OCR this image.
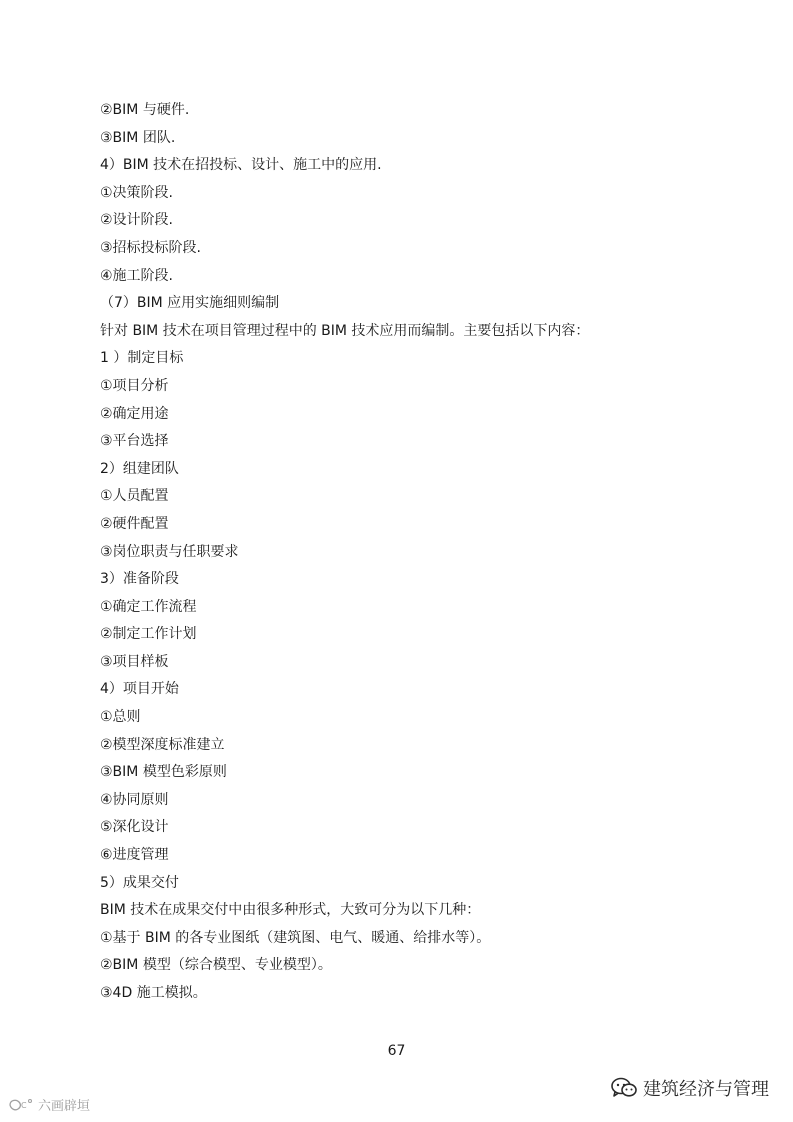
②BIM 与硬件.
③BIM 团队.
4）BIM 技术在招投标、设计、施工中的应用.
①决策阶段.
②设计阶段.
③招标投标阶段.
④施工阶段.
（7）BIM 应用实施细则编制
针对 BIM 技术在项目管理过程中的 BIM 技术应用而编制。主要包括以下内容：
1 ）制定目标
①项目分析
②确定用途
③平台选择
2）组建团队
①人员配置
②硬件配置
③岗位职责与任职要求
3）准备阶段
①确定工作流程
②制定工作计划
③项目样板
4）项目开始
①总则
②模型深度标准建立
③BIM 模型色彩原则
④协同原则
⑤深化设计
⑥进度管理
5）成果交付
BIM 技术在成果交付中由很多种形式，大致可分为以下几种：
①基于 BIM 的各专业图纸（建筑图、电气、暖通、给排水等）。
②BIM 模型（综合模型、专业模型）。
③4D 施工模拟。
67
建筑经济与管理
C 六画辟垣
